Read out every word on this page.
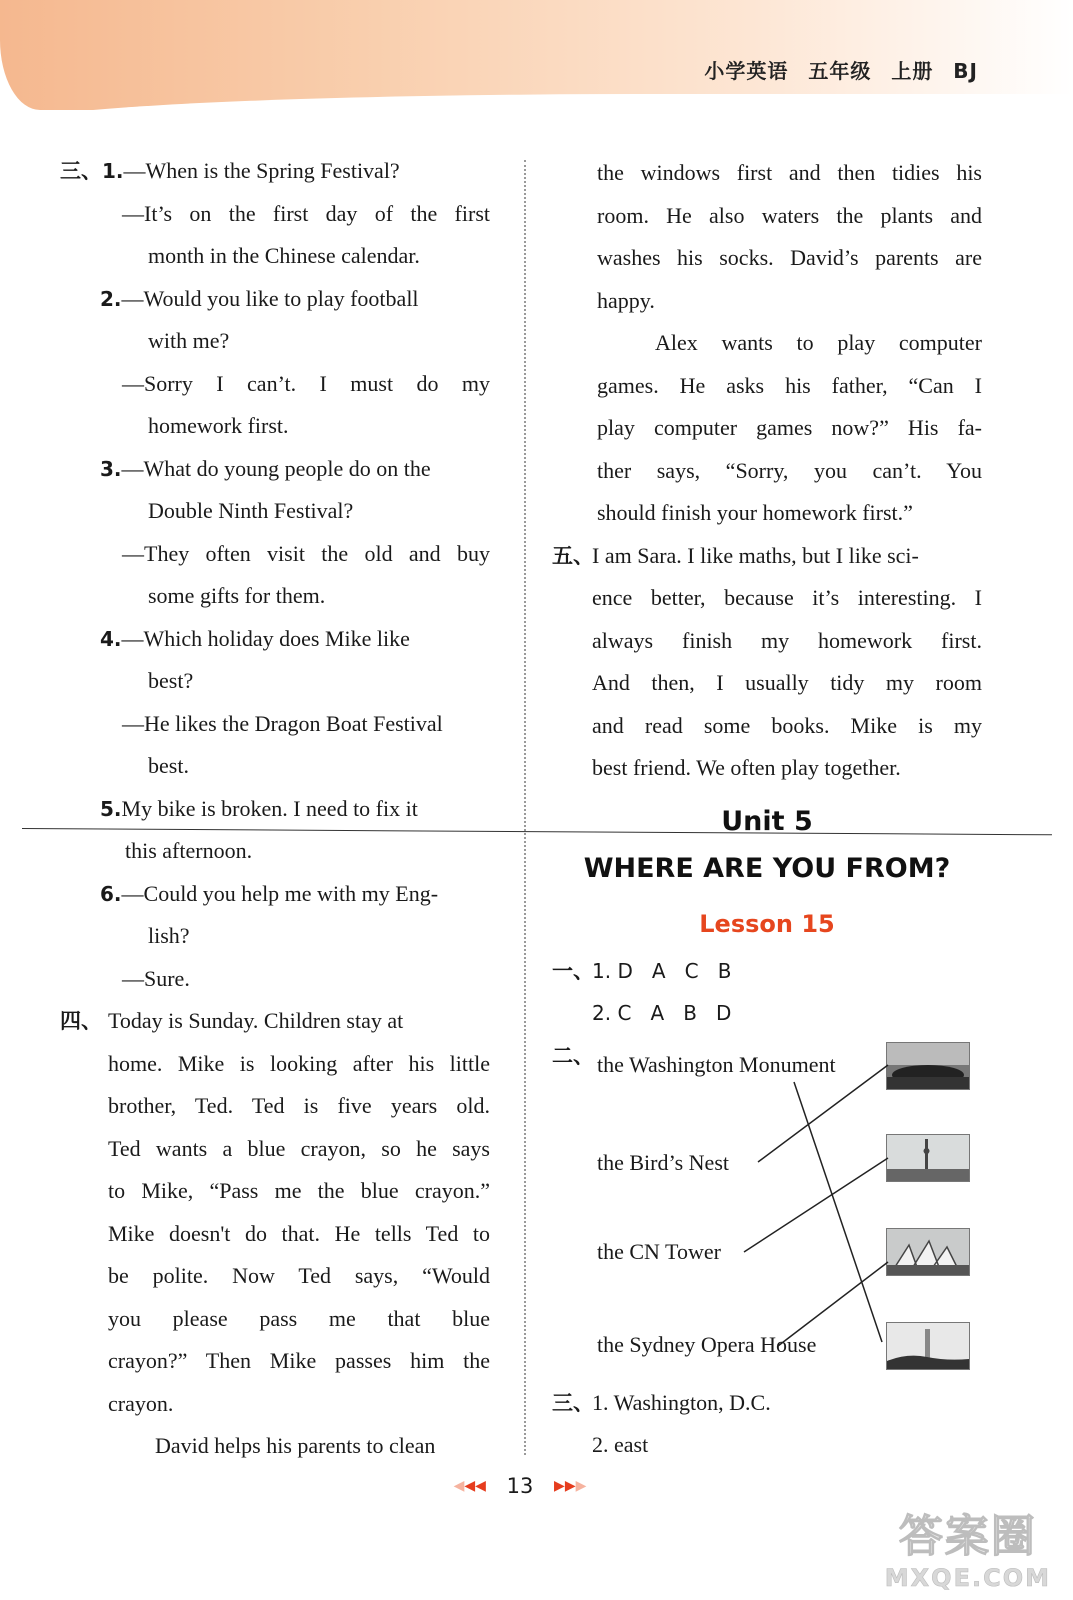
小学英语 五年级 上册 BJ
三、1.—When is the Spring Festival?
—It’s on the first day of the first
month in the Chinese calendar.
2.—Would you like to play football
with me?
—Sorry I can’t. I must do my
homework first.
3.—What do young people do on the
Double Ninth Festival?
—They often visit the old and buy
some gifts for them.
4.—Which holiday does Mike like
best?
—He likes the Dragon Boat Festival
best.
5.My bike is broken. I need to fix it
this afternoon.
6.—Could you help me with my Eng-
lish?
—Sure.
四、 Today is Sunday. Children stay at
home. Mike is looking after his little
brother, Ted. Ted is five years old.
Ted wants a blue crayon, so he says
to Mike, “Pass me the blue crayon.”
Mike doesn't do that. He tells Ted to
be polite. Now Ted says, “Would
you please pass me that blue
crayon?” Then Mike passes him the
crayon.
David helps his parents to clean
the windows first and then tidies his
room. He also waters the plants and
washes his socks. David’s parents are
happy.
Alex wants to play computer
games. He asks his father, “Can I
play computer games now?” His fa-
ther says, “Sorry, you can’t. You
should finish your homework first.”
五、I am Sara. I like maths, but I like sci-
ence better, because it’s interesting. I
always finish my homework first.
And then, I usually tidy my room
and read some books. Mike is my
best friend. We often play together.
Unit 5
WHERE ARE YOU FROM?
Lesson 15
一、1. D   A   C   B
2. C   A   B   D
二、 the Washington Monument
the Bird’s Nest
the CN Tower
the Sydney Opera House
三、1. Washington, D.C.
2. east
◀◀◀ 13 ▶▶▶
答案圈
MXQE.COM
